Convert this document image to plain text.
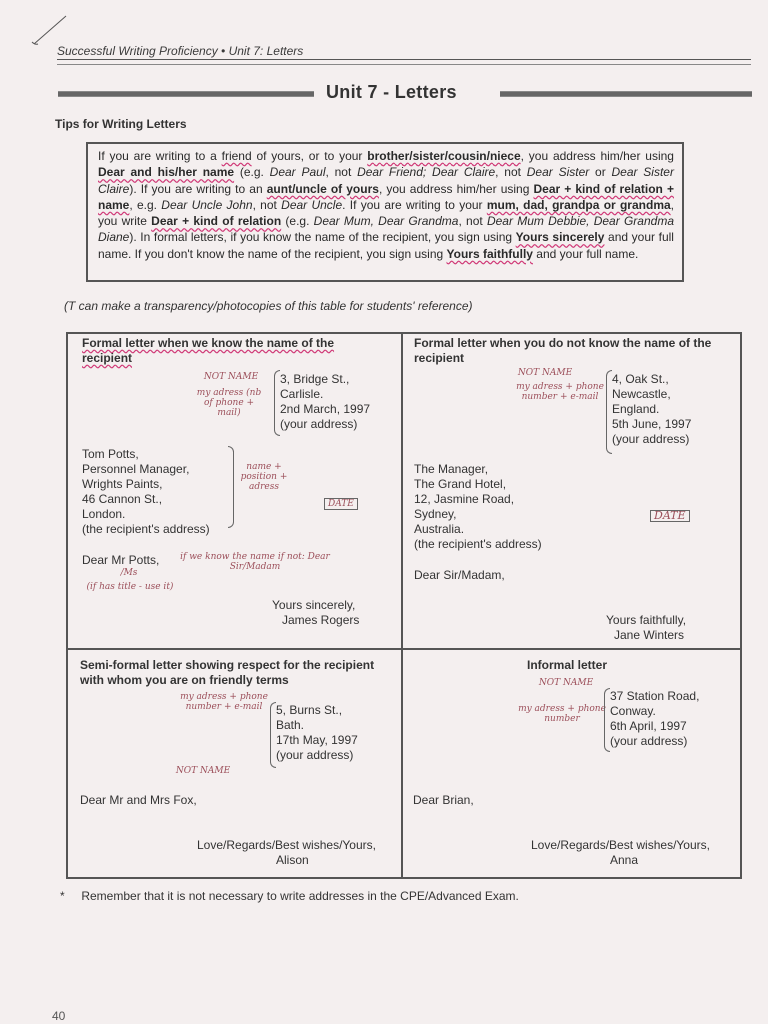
Successful Writing Proficiency • Unit 7: Letters
Unit 7 - Letters
Tips for Writing Letters
If you are writing to a friend of yours, or to your brother/sister/cousin/niece, you address him/her using Dear and his/her name (e.g. Dear Paul, not Dear Friend; Dear Claire, not Dear Sister or Dear Sister Claire). If you are writing to an aunt/uncle of yours, you address him/her using Dear + kind of relation + name, e.g. Dear Uncle John, not Dear Uncle. If you are writing to your mum, dad, grandpa or grandma, you write Dear + kind of relation (e.g. Dear Mum, Dear Grandma, not Dear Mum Debbie, Dear Grandma Diane). In formal letters, if you know the name of the recipient, you sign using Yours sincerely and your full name. If you don't know the name of the recipient, you sign using Yours faithfully and your full name.
(T can make a transparency/photocopies of this table for students' reference)
Formal letter when we know the name of the recipient
NOT NAME
my adress (nb of phone + mail)
3, Bridge St.,
Carlisle.
2nd March, 1997
(your address)
Tom Potts,
Personnel Manager,
Wrights Paints,
46 Cannon St.,
London.
(the recipient's address)
name + position + adress
DATE
Dear Mr Potts,
/Ms
(if has title - use it)
if we know the name if not: Dear Sir/Madam
Yours sincerely,
James Rogers
Formal letter when you do not know the name of the recipient
NOT NAME
my adress + phone number + e-mail
4, Oak St.,
Newcastle,
England.
5th June, 1997
(your address)
The Manager,
The Grand Hotel,
12, Jasmine Road,
Sydney,
Australia.
(the recipient's address)
DATE
Dear Sir/Madam,
Yours faithfully,
Jane Winters
Semi-formal letter showing respect for the recipient with whom you are on friendly terms
my adress + phone number + e-mail
NOT NAME
5, Burns St.,
Bath.
17th May, 1997
(your address)
Dear Mr and Mrs Fox,
Love/Regards/Best wishes/Yours,
Alison
Informal letter
NOT NAME
my adress + phone number
37 Station Road,
Conway.
6th April, 1997
(your address)
Dear Brian,
Love/Regards/Best wishes/Yours,
Anna
*     Remember that it is not necessary to write addresses in the CPE/Advanced Exam.
40
